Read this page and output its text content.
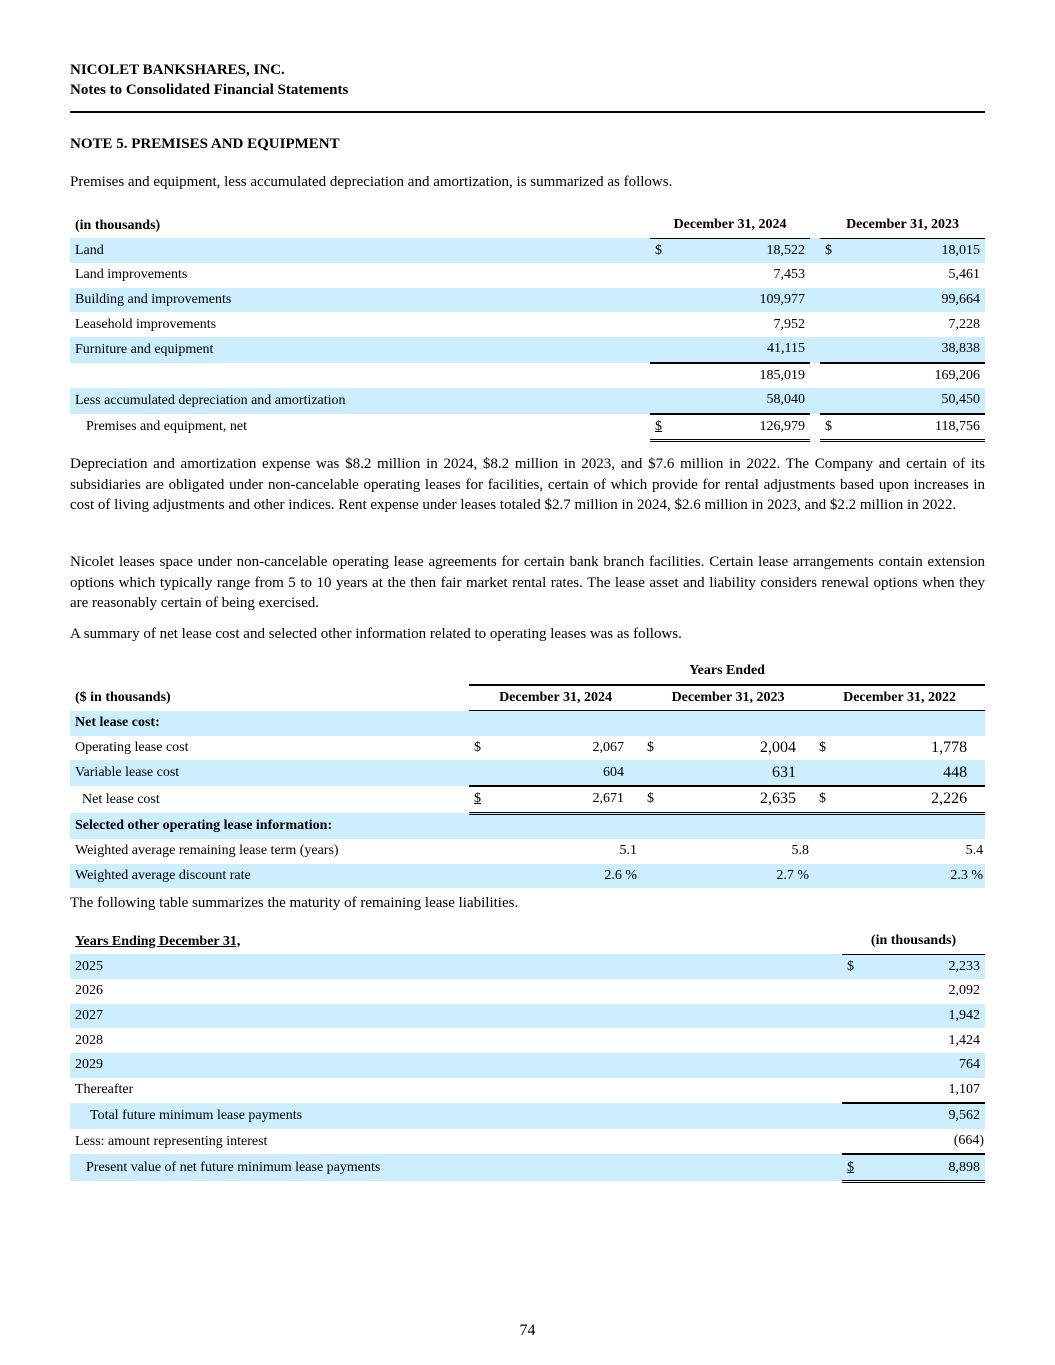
NICOLET BANKSHARES, INC.
Notes to Consolidated Financial Statements
NOTE 5. PREMISES AND EQUIPMENT
Premises and equipment, less accumulated depreciation and amortization, is summarized as follows.
(in thousands)	December 31, 2024			December 31, 2023	
Land	$	18,522		$	18,015
Land improvements		7,453			5,461
Building and improvements		109,977			99,664
Leasehold improvements		7,952			7,228
Furniture and equipment		41,115			38,838
		185,019			169,206
Less accumulated depreciation and amortization		58,040			50,450
Premises and equipment, net	$	126,979		$	118,756
Depreciation and amortization expense was $8.2 million in 2024, $8.2 million in 2023, and $7.6 million in 2022. The Company and certain of its subsidiaries are obligated under non-cancelable operating leases for facilities, certain of which provide for rental adjustments based upon increases in cost of living adjustments and other indices. Rent expense under leases totaled $2.7 million in 2024, $2.6 million in 2023, and $2.2 million in 2022.
Nicolet leases space under non-cancelable operating lease agreements for certain bank branch facilities. Certain lease arrangements contain extension options which typically range from 5 to 10 years at the then fair market rental rates. The lease asset and liability considers renewal options when they are reasonably certain of being exercised.
A summary of net lease cost and selected other information related to operating leases was as follows.
	Years Ended					
($ in thousands)	December 31, 2024		December 31, 2023		December 31, 2022	
Net lease cost:						
Operating lease cost	$	2,067	$	2,004	$	1,778
Variable lease cost		604		631		448
Net lease cost	$	2,671	$	2,635	$	2,226
Selected other operating lease information:						
Weighted average remaining lease term (years)		5.1		5.8		5.4
Weighted average discount rate		2.6 %		2.7 %		2.3 %
The following table summarizes the maturity of remaining lease liabilities.
Years Ending December 31,	(in thousands)	
2025	$	2,233
2026		2,092
2027		1,942
2028		1,424
2029		764
Thereafter		1,107
Total future minimum lease payments		9,562
Less: amount representing interest		(664)
Present value of net future minimum lease payments	$	8,898
74
